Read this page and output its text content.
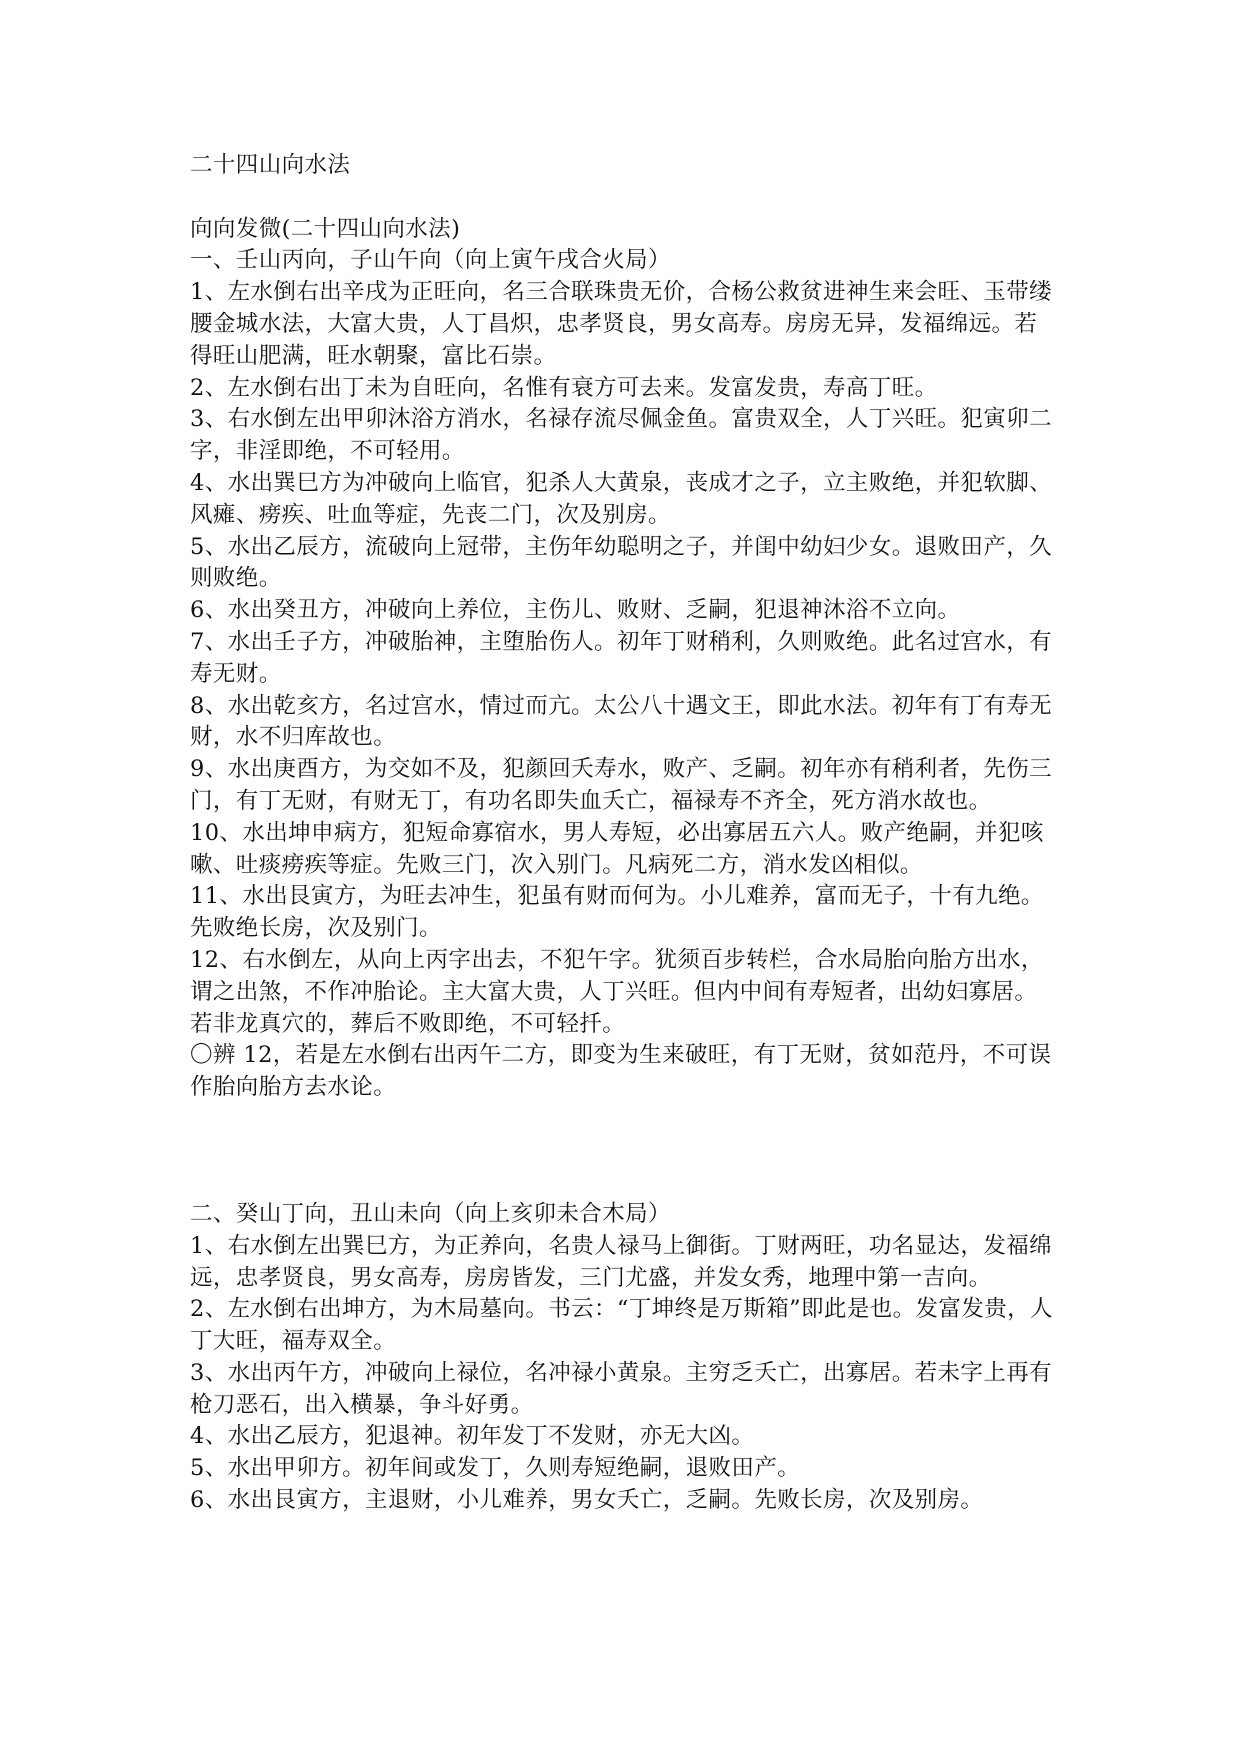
二十四山向水法

向向发微(二十四山向水法)

一、壬山丙向，子山午向（向上寅午戌合火局）

1、左水倒右出辛戌为正旺向，名三合联珠贵无价，合杨公救贫进神生来会旺、玉带缕腰金城水法，大富大贵，人丁昌炽，忠孝贤良，男女高寿。房房无异，发福绵远。若得旺山肥满，旺水朝聚，富比石崇。

2、左水倒右出丁未为自旺向，名惟有衰方可去来。发富发贵，寿高丁旺。

3、右水倒左出甲卯沐浴方消水，名禄存流尽佩金鱼。富贵双全，人丁兴旺。犯寅卯二字，非淫即绝，不可轻用。

4、水出巽巳方为冲破向上临官，犯杀人大黄泉，丧成才之子，立主败绝，并犯软脚、风瘫、痨疾、吐血等症，先丧二门，次及别房。

5、水出乙辰方，流破向上冠带，主伤年幼聪明之子，并闺中幼妇少女。退败田产，久则败绝。

6、水出癸丑方，冲破向上养位，主伤儿、败财、乏嗣，犯退神沐浴不立向。

7、水出壬子方，冲破胎神，主堕胎伤人。初年丁财稍利，久则败绝。此名过宫水，有寿无财。

8、水出乾亥方，名过宫水，情过而亢。太公八十遇文王，即此水法。初年有丁有寿无财，水不归库故也。

9、水出庚酉方，为交如不及，犯颜回夭寿水，败产、乏嗣。初年亦有稍利者，先伤三门，有丁无财，有财无丁，有功名即失血夭亡，福禄寿不齐全，死方消水故也。

10、水出坤申病方，犯短命寡宿水，男人寿短，必出寡居五六人。败产绝嗣，并犯咳嗽、吐痰痨疾等症。先败三门，次入别门。凡病死二方，消水发凶相似。

11、水出艮寅方，为旺去冲生，犯虽有财而何为。小儿难养，富而无子，十有九绝。先败绝长房，次及别门。

12、右水倒左，从向上丙字出去，不犯午字。犹须百步转栏，合水局胎向胎方出水，谓之出煞，不作冲胎论。主大富大贵，人丁兴旺。但内中间有寿短者，出幼妇寡居。若非龙真穴的，葬后不败即绝，不可轻扦。

〇辨 12，若是左水倒右出丙午二方，即变为生来破旺，有丁无财，贫如范丹，不可误作胎向胎方去水论。

二、癸山丁向，丑山未向（向上亥卯未合木局）

1、右水倒左出巽巳方，为正养向，名贵人禄马上御街。丁财两旺，功名显达，发福绵远，忠孝贤良，男女高寿，房房皆发，三门尤盛，并发女秀，地理中第一吉向。

2、左水倒右出坤方，为木局墓向。书云：“丁坤终是万斯箱”即此是也。发富发贵，人丁大旺，福寿双全。

3、水出丙午方，冲破向上禄位，名冲禄小黄泉。主穷乏夭亡，出寡居。若未字上再有枪刀恶石，出入横暴，争斗好勇。

4、水出乙辰方，犯退神。初年发丁不发财，亦无大凶。

5、水出甲卯方。初年间或发丁，久则寿短绝嗣，退败田产。

6、水出艮寅方，主退财，小儿难养，男女夭亡，乏嗣。先败长房，次及别房。
